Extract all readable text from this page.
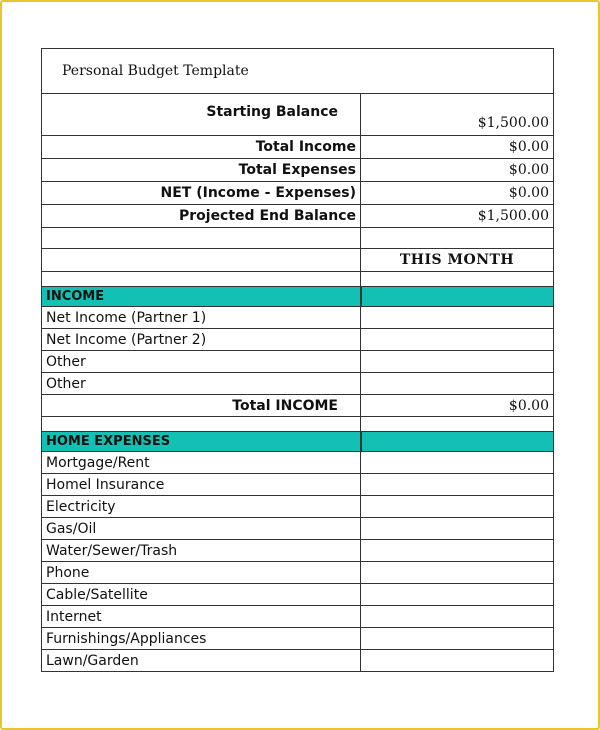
Personal Budget Template	
Starting Balance	$1,500.00
Total Income	$0.00
Total Expenses	$0.00
NET (Income - Expenses)	$0.00
Projected End Balance	$1,500.00

	THIS MONTH

INCOME	
Net Income (Partner 1)	
Net Income (Partner 2)	
Other	
Other	
Total INCOME	$0.00

HOME EXPENSES	
Mortgage/Rent	
Homel Insurance	
Electricity	
Gas/Oil	
Water/Sewer/Trash	
Phone	
Cable/Satellite	
Internet	
Furnishings/Appliances	
Lawn/Garden	
